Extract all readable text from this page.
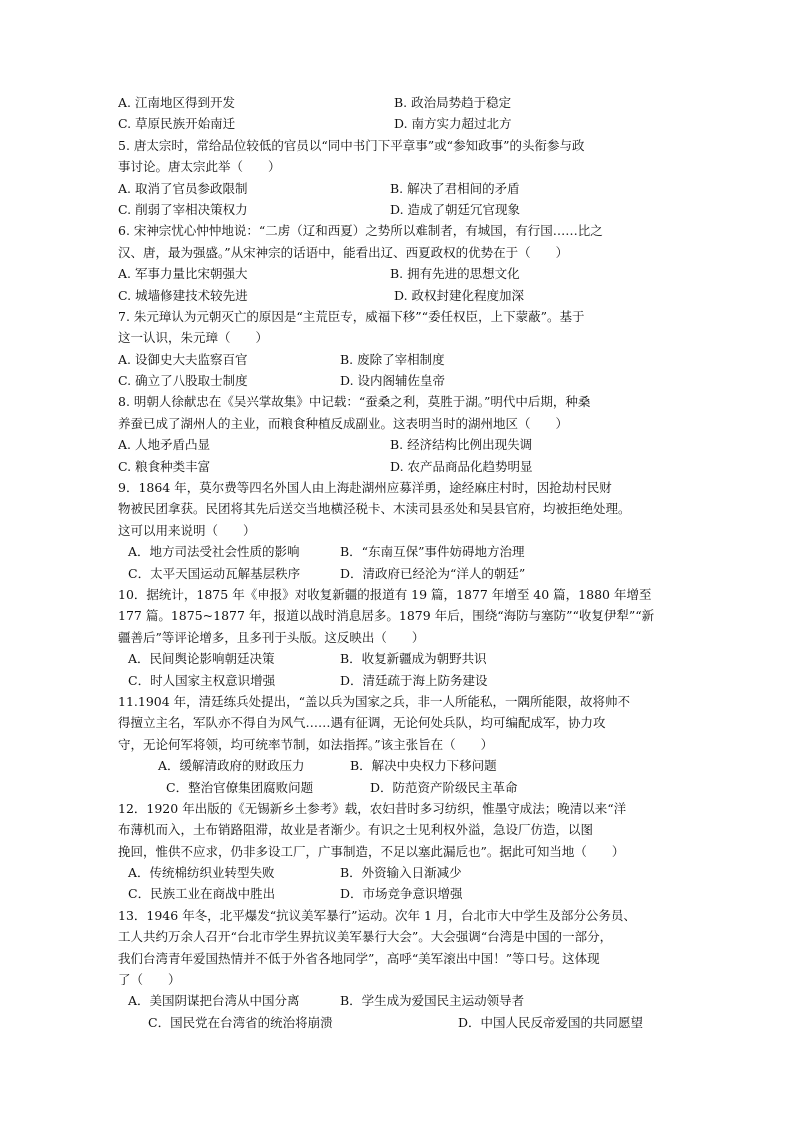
A. 江南地区得到开发	B. 政治局势趋于稳定
C. 草原民族开始南迁	D. 南方实力超过北方
5. 唐太宗时，常给品位较低的官员以“同中书门下平章事”或“参知政事”的头衔参与政
事讨论。唐太宗此举（　　）
A. 取消了官员参政限制	B. 解决了君相间的矛盾
C. 削弱了宰相决策权力	D. 造成了朝廷冗官现象
6. 宋神宗忧心忡忡地说：“二虏（辽和西夏）之势所以难制者，有城国，有行国……比之
汉、唐，最为强盛。”从宋神宗的话语中，能看出辽、西夏政权的优势在于（　　）
A. 军事力量比宋朝强大	B. 拥有先进的思想文化
C. 城墙修建技术较先进	D. 政权封建化程度加深
7. 朱元璋认为元朝灭亡的原因是“主荒臣专，威福下移”“委任权臣，上下蒙蔽”。基于
这一认识，朱元璋（　　）
A. 设御史大夫监察百官	B. 废除了宰相制度
C. 确立了八股取士制度	D. 设内阁辅佐皇帝
8. 明朝人徐献忠在《吴兴掌故集》中记载：“蚕桑之利，莫胜于湖。”明代中后期，种桑
养蚕已成了湖州人的主业，而粮食种植反成副业。这表明当时的湖州地区（　　）
A. 人地矛盾凸显	B. 经济结构比例出现失调
C. 粮食种类丰富	D. 农产品商品化趋势明显
9．1864 年，莫尔费等四名外国人由上海赴湖州应募洋勇，途经麻庄村时，因抢劫村民财
物被民团拿获。民团将其先后送交当地横泾税卡、木渎司县丞处和吴县官府，均被拒绝处理。
这可以用来说明（　　）
A．地方司法受社会性质的影响	B．“东南互保”事件妨碍地方治理
C．太平天国运动瓦解基层秩序	D．清政府已经沦为“洋人的朝廷”
10．据统计，1875 年《申报》对收复新疆的报道有 19 篇，1877 年增至 40 篇，1880 年增至
177 篇。1875~1877 年，报道以战时消息居多。1879 年后，围绕“海防与塞防”“收复伊犁”“新
疆善后”等评论增多，且多刊于头版。这反映出（　　）
A．民间舆论影响朝廷决策	B．收复新疆成为朝野共识
C．时人国家主权意识增强	D．清廷疏于海上防务建设
11.1904 年，清廷练兵处提出，“盖以兵为国家之兵，非一人所能私，一隅所能限，故将帅不
得擅立主名，军队亦不得自为风气……遇有征调，无论何处兵队，均可编配成军，协力攻
守，无论何军将领，均可统率节制，如法指挥。”该主张旨在（　　）
A．缓解清政府的财政压力	B．解决中央权力下移问题
C．整治官僚集团腐败问题	D．防范资产阶级民主革命
12．1920 年出版的《无锡新乡土参考》载，农妇昔时多习纺织，惟墨守成法；晚清以来“洋
布薄机而入，土布销路阻滞，故业是者渐少。有识之士见利权外溢，急设厂仿造，以图
挽回，惟供不应求，仍非多设工厂，广事制造，不足以塞此漏卮也”。据此可知当地（　　）
A．传统棉纺织业转型失败	B．外资输入日渐减少
C．民族工业在商战中胜出	D．市场竞争意识增强
13．1946 年冬，北平爆发“抗议美军暴行”运动。次年 1 月，台北市大中学生及部分公务员、
工人共约万余人召开“台北市学生界抗议美军暴行大会”。大会强调“台湾是中国的一部分，
我们台湾青年爱国热情并不低于外省各地同学”，高呼“美军滚出中国！”等口号。这体现
了（　　）
A．美国阴谋把台湾从中国分离	B．学生成为爱国民主运动领导者
C．国民党在台湾省的统治将崩溃	D．中国人民反帝爱国的共同愿望
